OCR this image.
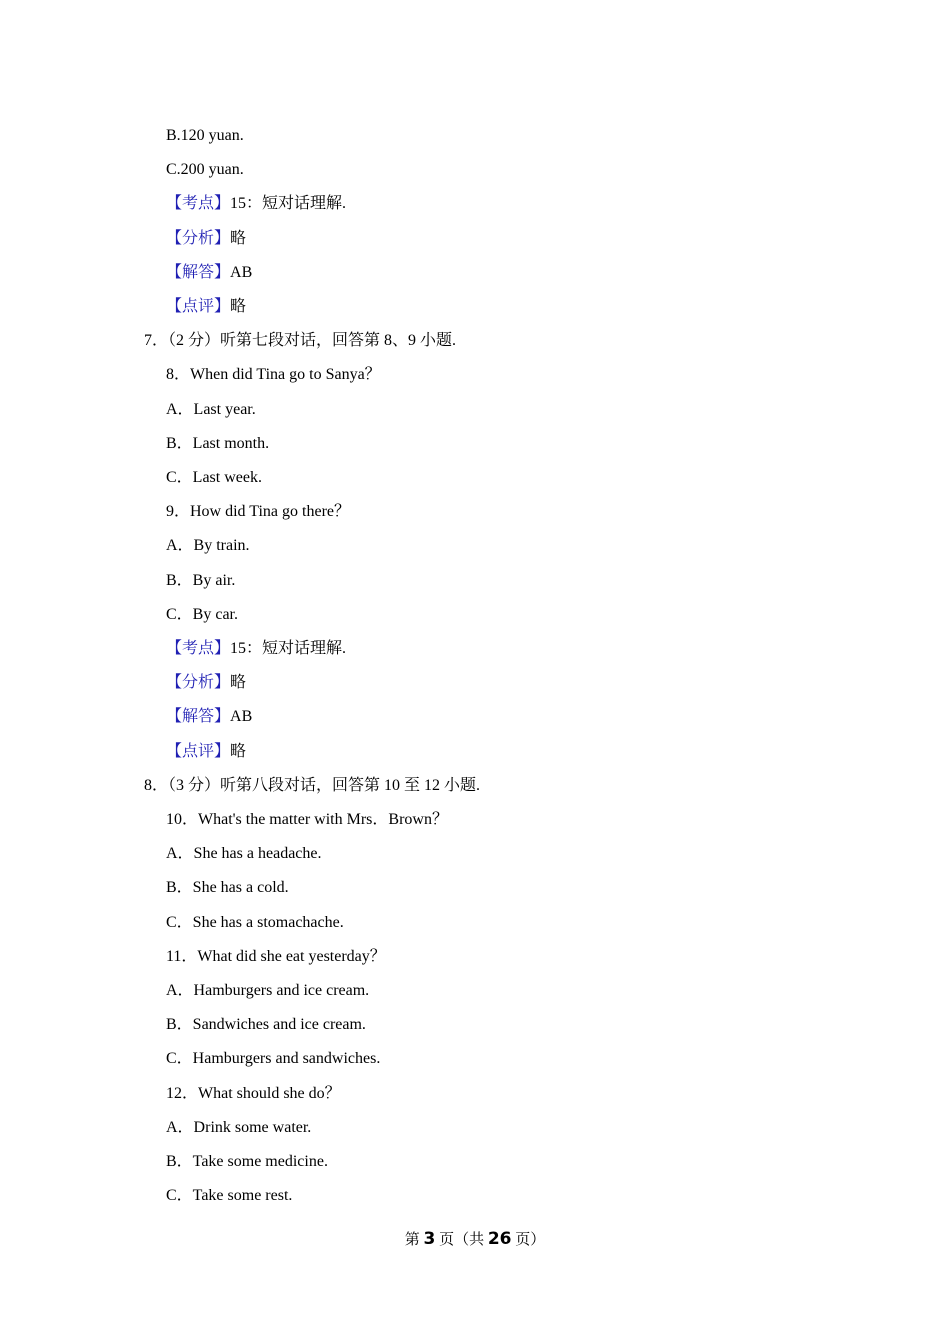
B.120 yuan.
C.200 yuan.
【考点】15：短对话理解.
【分析】略
【解答】AB
【点评】略
7．（2 分）听第七段对话，回答第 8、9 小题.
8．When did Tina go to Sanya？
A．Last year.
B．Last month.
C．Last week.
9．How did Tina go there？
A．By train.
B．By air.
C．By car.
【考点】15：短对话理解.
【分析】略
【解答】AB
【点评】略
8．（3 分）听第八段对话，回答第 10 至 12 小题.
10．What's the matter with Mrs．Brown？
A．She has a headache.
B．She has a cold.
C．She has a stomachache.
11．What did she eat yesterday？
A．Hamburgers and ice cream.
B．Sandwiches and ice cream.
C．Hamburgers and sandwiches.
12．What should she do？
A．Drink some water.
B．Take some medicine.
C．Take some rest.
第 3 页（共 26 页）
